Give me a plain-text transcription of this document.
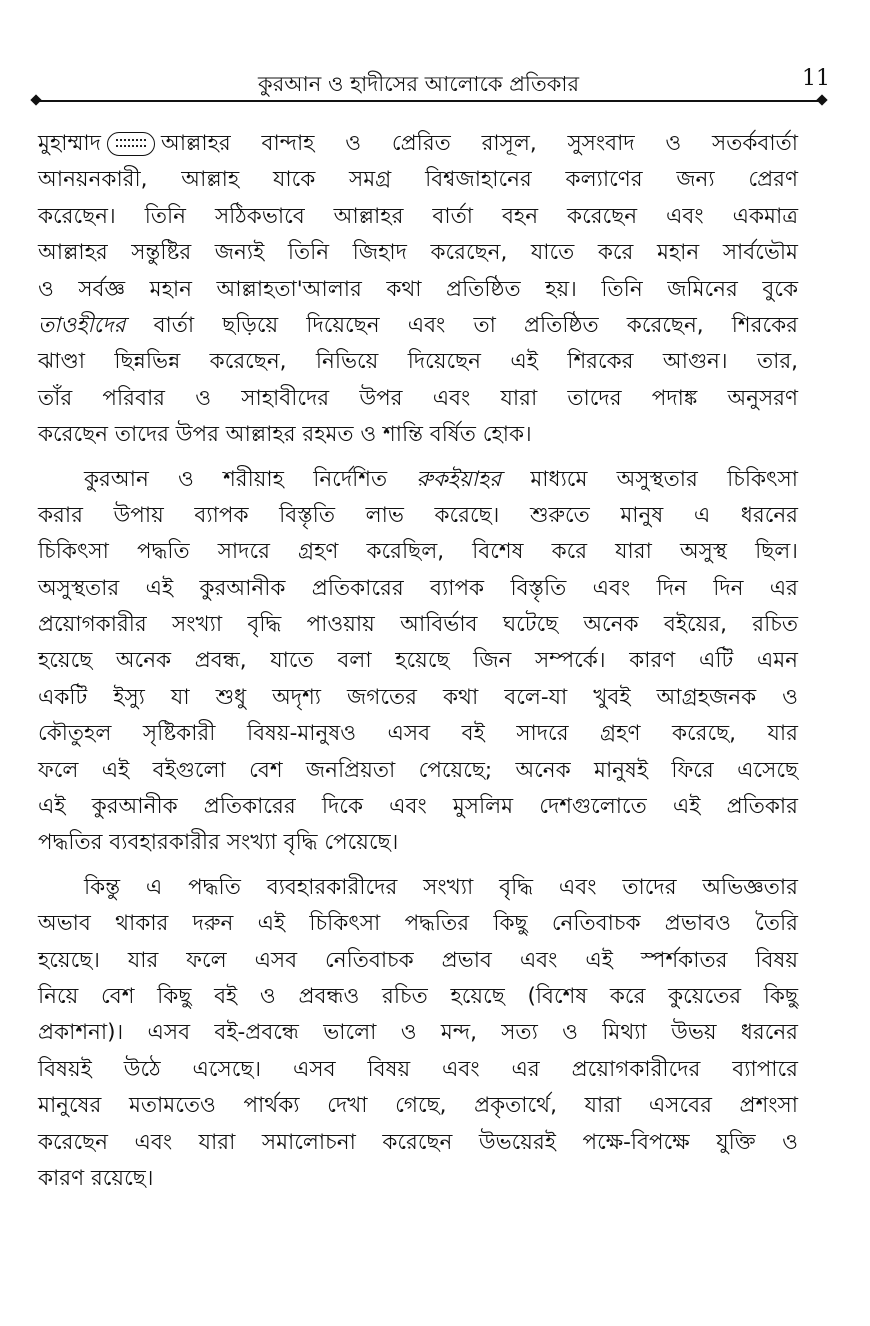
কুরআন ও হাদীসের আলোকে প্রতিকার	11
মুহাম্মাদ	আল্লাহর বান্দাহ ও প্রেরিত রাসূল, সুসংবাদ ও সতর্কবার্তা
আনয়নকারী, আল্লাহ যাকে সমগ্র বিশ্বজাহানের কল্যাণের জন্য প্রেরণ
করেছেন। তিনি সঠিকভাবে আল্লাহর বার্তা বহন করেছেন এবং একমাত্র
আল্লাহর সন্তুষ্টির জন্যই তিনি জিহাদ করেছেন, যাতে করে মহান সার্বভৌম
ও সর্বজ্ঞ মহান আল্লাহতা'আলার কথা প্রতিষ্ঠিত হয়। তিনি জমিনের বুকে
তাওহীদের বার্তা ছড়িয়ে দিয়েছেন এবং তা প্রতিষ্ঠিত করেছেন, শিরকের
ঝাণ্ডা ছিন্নভিন্ন করেছেন, নিভিয়ে দিয়েছেন এই শিরকের আগুন। তার,
তাঁর পরিবার ও সাহাবীদের উপর এবং যারা তাদের পদাঙ্ক অনুসরণ
করেছেন তাদের উপর আল্লাহর রহমত ও শান্তি বর্ষিত হোক।
কুরআন ও শরীয়াহ নির্দেশিত রুকইয়াহর মাধ্যমে অসুস্থতার চিকিৎসা
করার উপায় ব্যাপক বিস্তৃতি লাভ করেছে। শুরুতে মানুষ এ ধরনের
চিকিৎসা পদ্ধতি সাদরে গ্রহণ করেছিল, বিশেষ করে যারা অসুস্থ ছিল।
অসুস্থতার এই কুরআনীক প্রতিকারের ব্যাপক বিস্তৃতি এবং দিন দিন এর
প্রয়োগকারীর সংখ্যা বৃদ্ধি পাওয়ায় আবির্ভাব ঘটেছে অনেক বইয়ের, রচিত
হয়েছে অনেক প্রবন্ধ, যাতে বলা হয়েছে জিন সম্পর্কে। কারণ এটি এমন
একটি ইস্যু যা শুধু অদৃশ্য জগতের কথা বলে-যা খুবই আগ্রহজনক ও
কৌতুহল সৃষ্টিকারী বিষয়-মানুষও এসব বই সাদরে গ্রহণ করেছে, যার
ফলে এই বইগুলো বেশ জনপ্রিয়তা পেয়েছে; অনেক মানুষই ফিরে এসেছে
এই কুরআনীক প্রতিকারের দিকে এবং মুসলিম দেশগুলোতে এই প্রতিকার
পদ্ধতির ব্যবহারকারীর সংখ্যা বৃদ্ধি পেয়েছে।
কিন্তু এ পদ্ধতি ব্যবহারকারীদের সংখ্যা বৃদ্ধি এবং তাদের অভিজ্ঞতার
অভাব থাকার দরুন এই চিকিৎসা পদ্ধতির কিছু নেতিবাচক প্রভাবও তৈরি
হয়েছে। যার ফলে এসব নেতিবাচক প্রভাব এবং এই স্পর্শকাতর বিষয়
নিয়ে বেশ কিছু বই ও প্রবন্ধও রচিত হয়েছে (বিশেষ করে কুয়েতের কিছু
প্রকাশনা)। এসব বই-প্রবন্ধে ভালো ও মন্দ, সত্য ও মিথ্যা উভয় ধরনের
বিষয়ই উঠে এসেছে। এসব বিষয় এবং এর প্রয়োগকারীদের ব্যাপারে
মানুষের মতামতেও পার্থক্য দেখা গেছে, প্রকৃতার্থে, যারা এসবের প্রশংসা
করেছেন এবং যারা সমালোচনা করেছেন উভয়েরই পক্ষে-বিপক্ষে যুক্তি ও
কারণ রয়েছে।
